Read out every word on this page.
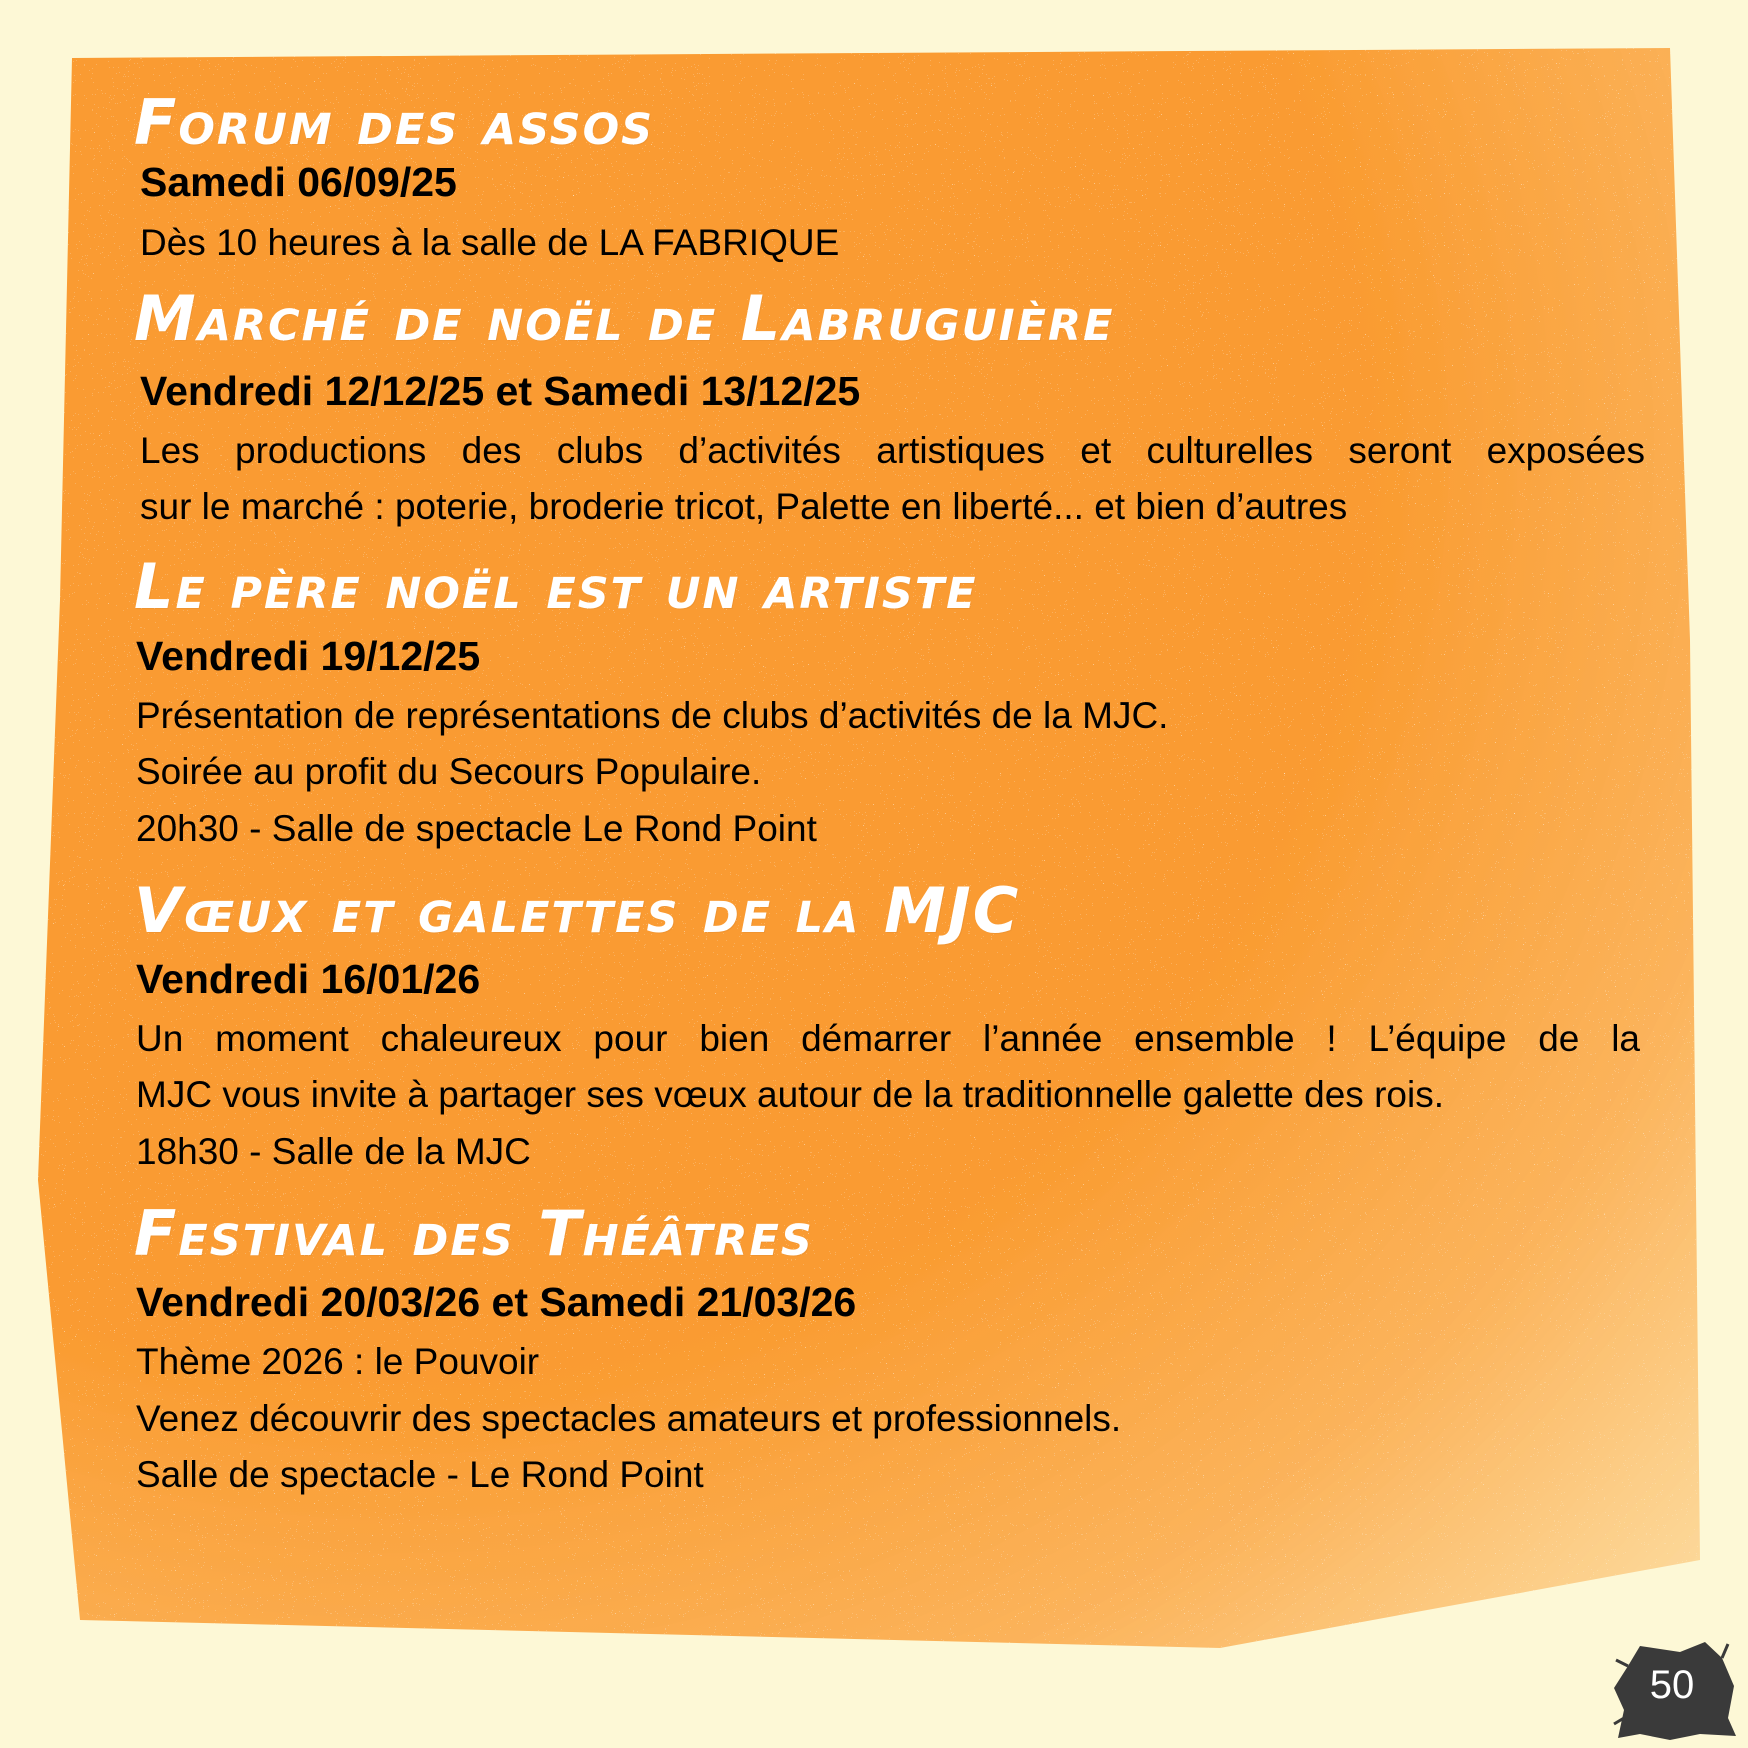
Forum des assos
Samedi 06/09/25
Dès 10 heures à la salle de LA FABRIQUE
Marché de noël de Labruguière
Vendredi 12/12/25 et Samedi 13/12/25
Les productions des clubs d’activités artistiques et culturelles seront exposées
sur le marché : poterie, broderie tricot, Palette en liberté... et bien d’autres
Le père noël est un artiste
Vendredi 19/12/25
Présentation de représentations de clubs d’activités de la MJC.
Soirée au profit du Secours Populaire.
20h30 - Salle de spectacle Le Rond Point
Vœux et galettes de la MJC
Vendredi 16/01/26
Un moment chaleureux pour bien démarrer l’année ensemble ! L’équipe de la
MJC vous invite à partager ses vœux autour de la traditionnelle galette des rois.
18h30 - Salle de la MJC
Festival des Théâtres
Vendredi 20/03/26 et Samedi 21/03/26
Thème 2026 : le Pouvoir
Venez découvrir des spectacles amateurs et professionnels.
Salle de spectacle - Le Rond Point
50
